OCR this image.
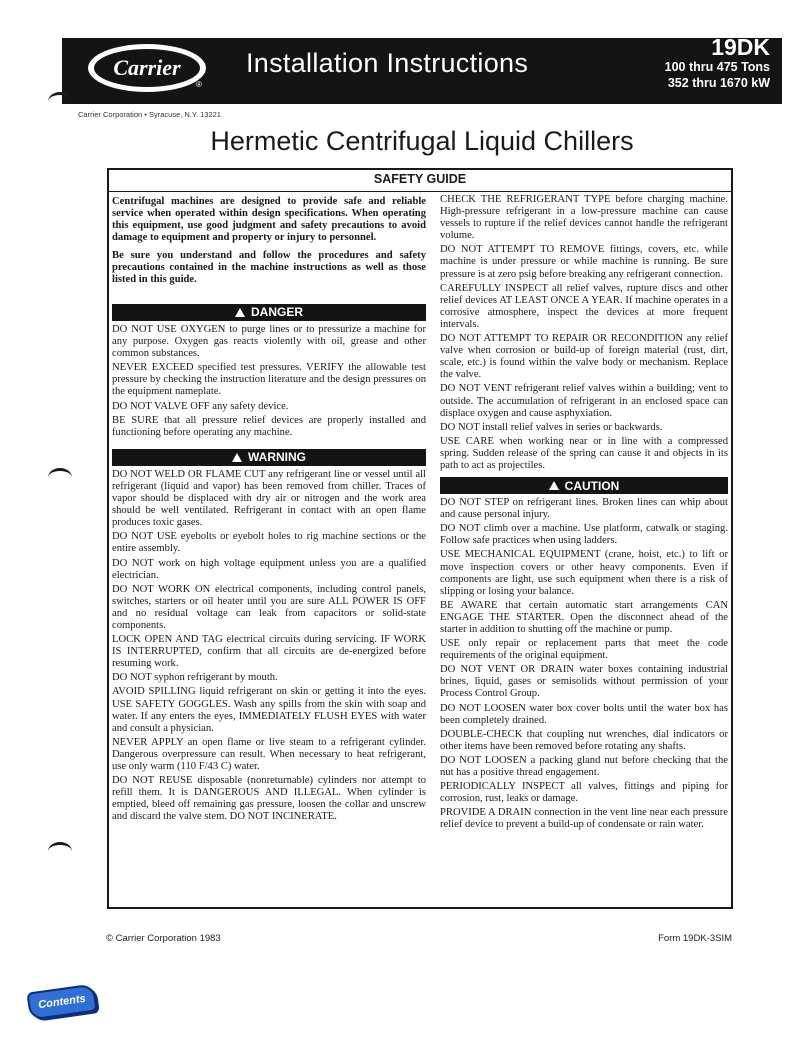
Carrier
®
Installation Instructions
19DK
100 thru 475 Tons
352 thru 1670 kW
Carrier Corporation • Syracuse, N.Y. 13221
Hermetic Centrifugal Liquid Chillers
SAFETY GUIDE

Centrifugal machines are designed to provide safe and reliable service when operated within design specifications. When operating this equipment, use good judgment and safety precautions to avoid damage to equipment and property or injury to personnel.

Be sure you understand and follow the procedures and safety precautions contained in the machine instructions as well as those listed in this guide.

DANGER

DO NOT USE OXYGEN to purge lines or to pressurize a machine for any purpose. Oxygen gas reacts violently with oil, grease and other common substances.

NEVER EXCEED specified test pressures. VERIFY the allowable test pressure by checking the instruction literature and the design pressures on the equipment nameplate.

DO NOT VALVE OFF any safety device.

BE SURE that all pressure relief devices are properly installed and functioning before operating any machine.

WARNING

DO NOT WELD OR FLAME CUT any refrigerant line or vessel until all refrigerant (liquid and vapor) has been removed from chiller. Traces of vapor should be displaced with dry air or nitrogen and the work area should be well ventilated. Refrigerant in contact with an open flame produces toxic gases.

DO NOT USE eyebolts or eyebolt holes to rig machine sections or the entire assembly.

DO NOT work on high voltage equipment unless you are a qualified electrician.

DO NOT WORK ON electrical components, including control panels, switches, starters or oil heater until you are sure ALL POWER IS OFF and no residual voltage can leak from capacitors or solid-state components.

LOCK OPEN AND TAG electrical circuits during servicing. IF WORK IS INTERRUPTED, confirm that all circuits are de-energized before resuming work.

DO NOT syphon refrigerant by mouth.

AVOID SPILLING liquid refrigerant on skin or getting it into the eyes. USE SAFETY GOGGLES. Wash any spills from the skin with soap and water. If any enters the eyes, IMMEDIATELY FLUSH EYES with water and consult a physician.

NEVER APPLY an open flame or live steam to a refrigerant cylinder. Dangerous overpressure can result. When necessary to heat refrigerant, use only warm (110 F/43 C) water.

DO NOT REUSE disposable (nonreturnable) cylinders nor attempt to refill them. It is DANGEROUS AND ILLEGAL. When cylinder is emptied, bleed off remaining gas pressure, loosen the collar and unscrew and discard the valve stem. DO NOT INCINERATE.

CHECK THE REFRIGERANT TYPE before charging machine. High-pressure refrigerant in a low-pressure machine can cause vessels to rupture if the relief devices cannot handle the refrigerant volume.

DO NOT ATTEMPT TO REMOVE fittings, covers, etc. while machine is under pressure or while machine is running. Be sure pressure is at zero psig before breaking any refrigerant connection.

CAREFULLY INSPECT all relief valves, rupture discs and other relief devices AT LEAST ONCE A YEAR. If machine operates in a corrosive atmosphere, inspect the devices at more frequent intervals.

DO NOT ATTEMPT TO REPAIR OR RECONDITION any relief valve when corrosion or build-up of foreign material (rust, dirt, scale, etc.) is found within the valve body or mechanism. Replace the valve.

DO NOT VENT refrigerant relief valves within a building; vent to outside. The accumulation of refrigerant in an enclosed space can displace oxygen and cause asphyxiation.

DO NOT install relief valves in series or backwards.

USE CARE when working near or in line with a compressed spring. Sudden release of the spring can cause it and objects in its path to act as projectiles.

CAUTION

DO NOT STEP on refrigerant lines. Broken lines can whip about and cause personal injury.

DO NOT climb over a machine. Use platform, catwalk or staging. Follow safe practices when using ladders.

USE MECHANICAL EQUIPMENT (crane, hoist, etc.) to lift or move inspection covers or other heavy components. Even if components are light, use such equipment when there is a risk of slipping or losing your balance.

BE AWARE that certain automatic start arrangements CAN ENGAGE THE STARTER. Open the disconnect ahead of the starter in addition to shutting off the machine or pump.

USE only repair or replacement parts that meet the code requirements of the original equipment.

DO NOT VENT OR DRAIN water boxes containing industrial brines, liquid, gases or semisolids without permission of your Process Control Group.

DO NOT LOOSEN water box cover bolts until the water box has been completely drained.

DOUBLE-CHECK that coupling nut wrenches, dial indicators or other items have been removed before rotating any shafts.

DO NOT LOOSEN a packing gland nut before checking that the nut has a positive thread engagement.

PERIODICALLY INSPECT all valves, fittings and piping for corrosion, rust, leaks or damage.

PROVIDE A DRAIN connection in the vent line near each pressure relief device to prevent a build-up of condensate or rain water.

© Carrier Corporation 1983	Form 19DK-3SIM
Contents
